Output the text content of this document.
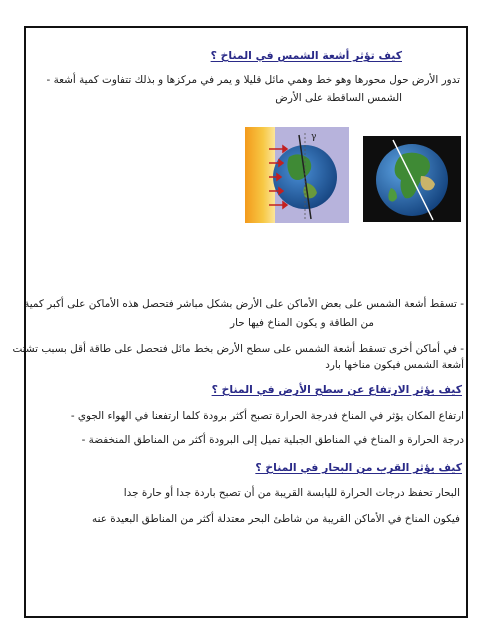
كيف تؤثر أشعة الشمس في المناخ ؟
تدور الأرض حول محورها وهو خط وهمي مائل قليلا و يمر في مركزها و بذلك تتفاوت كمية أشعة -
الشمس الساقطة على الأرض
γ
- تسقط أشعة الشمس على بعض الأماكن على الأرض بشكل مباشر فتحصل هذه الأماكن على أكبر كمية
من الطاقة و يكون المناخ فيها حار
- في أماكن أخرى تسقط أشعة الشمس على سطح الأرض بخط مائل فتحصل على طاقة أقل بسبب تشتت
أشعة الشمس فيكون مناخها بارد
كيف يؤثر الارتفاع عن سطح الأرض في المناخ ؟
ارتفاع المكان يؤثر في المناخ فدرجة الحرارة تصبح أكثر برودة كلما ارتفعنا في الهواء الجوي -
درجة الحرارة و المناخ في المناطق الجبلية تميل إلى البرودة أكثر من المناطق المنخفضة -
كيف يؤثر القرب من البحار في المناخ ؟
البحار تحفظ درجات الحرارة لليابسة القريبة من أن تصبح باردة جدا أو حارة جدا
فيكون المناخ في الأماكن القريبة من شاطئ البحر معتدلة أكثر من المناطق البعيدة عنه
